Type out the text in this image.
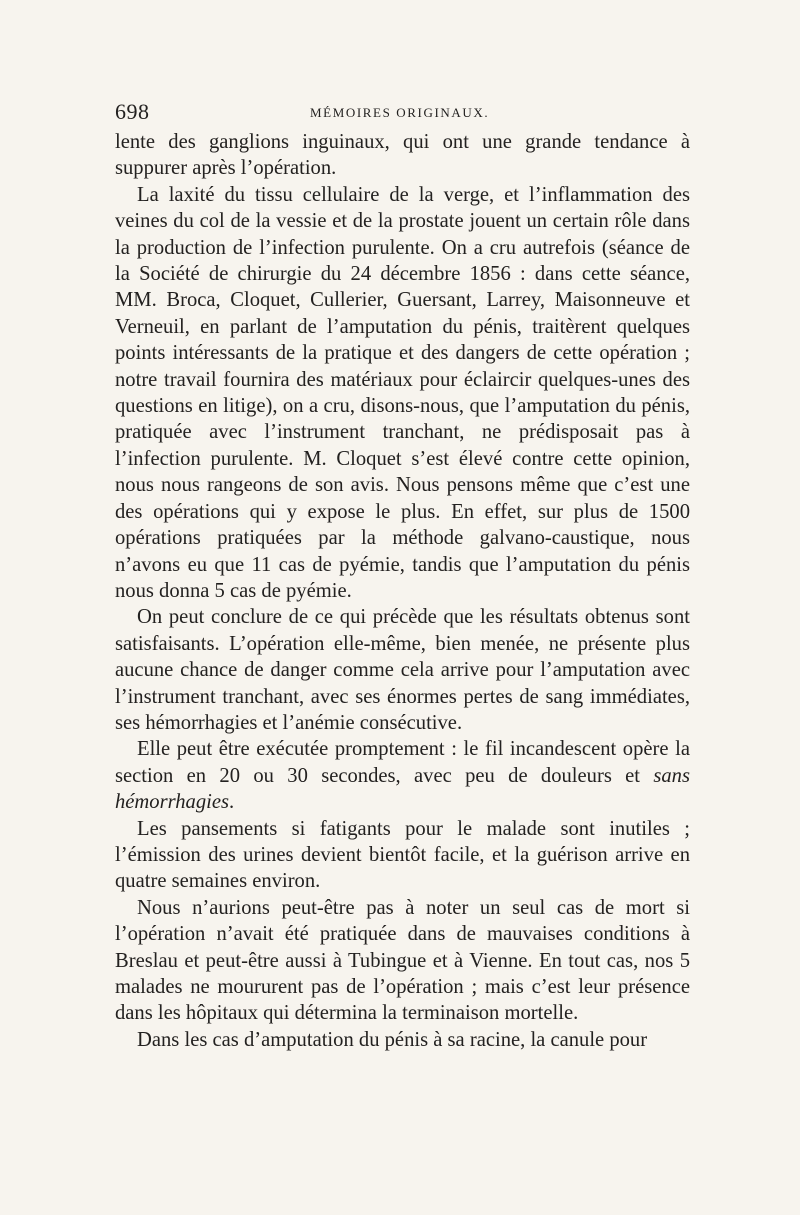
698	MÉMOIRES ORIGINAUX.

lente des ganglions inguinaux, qui ont une grande tendance à suppurer après l’opération.

La laxité du tissu cellulaire de la verge, et l’inflammation des veines du col de la vessie et de la prostate jouent un certain rôle dans la production de l’infection purulente. On a cru autrefois (séance de la Société de chirurgie du 24 décembre 1856 : dans cette séance, MM. Broca, Cloquet, Cullerier, Guersant, Larrey, Maisonneuve et Verneuil, en parlant de l’amputation du pénis, traitèrent quelques points intéressants de la pratique et des dangers de cette opération ; notre travail fournira des matériaux pour éclaircir quelques-unes des questions en litige), on a cru, disons-nous, que l’amputation du pénis, pratiquée avec l’instrument tranchant, ne prédisposait pas à l’infection purulente. M. Cloquet s’est élevé contre cette opinion, nous nous rangeons de son avis. Nous pensons même que c’est une des opérations qui y expose le plus. En effet, sur plus de 1500 opérations pratiquées par la méthode galvano-caustique, nous n’avons eu que 11 cas de pyémie, tandis que l’amputation du pénis nous donna 5 cas de pyémie.

On peut conclure de ce qui précède que les résultats obtenus sont satisfaisants. L’opération elle-même, bien menée, ne présente plus aucune chance de danger comme cela arrive pour l’amputation avec l’instrument tranchant, avec ses énormes pertes de sang immédiates, ses hémorrhagies et l’anémie consécutive.

Elle peut être exécutée promptement : le fil incandescent opère la section en 20 ou 30 secondes, avec peu de douleurs et sans hémorrhagies.

Les pansements si fatigants pour le malade sont inutiles ; l’émission des urines devient bientôt facile, et la guérison arrive en quatre semaines environ.

Nous n’aurions peut-être pas à noter un seul cas de mort si l’opération n’avait été pratiquée dans de mauvaises conditions à Breslau et peut-être aussi à Tubingue et à Vienne. En tout cas, nos 5 malades ne moururent pas de l’opération ; mais c’est leur présence dans les hôpitaux qui détermina la terminaison mortelle.

Dans les cas d’amputation du pénis à sa racine, la canule pour
